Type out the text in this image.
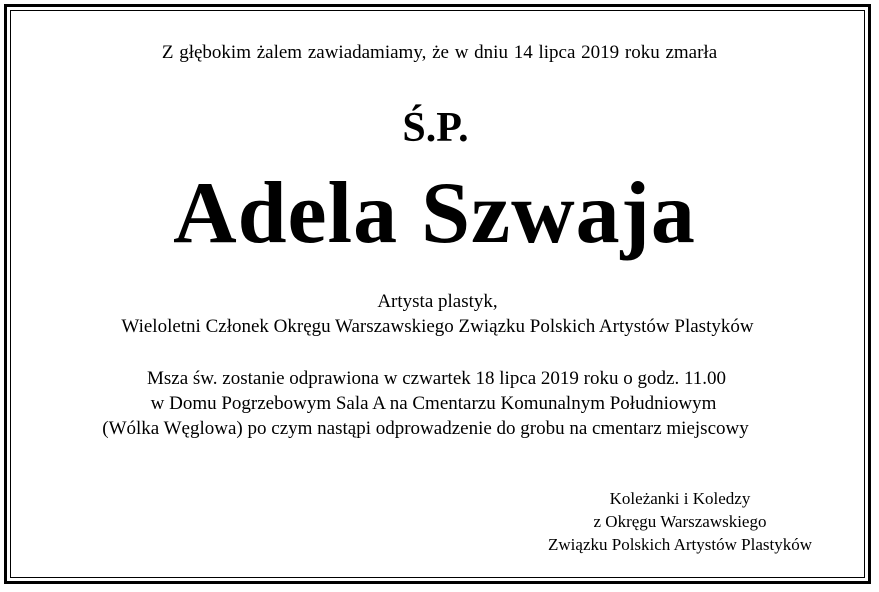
Z głębokim żalem zawiadamiamy, że w dniu 14 lipca 2019 roku zmarła
Ś.P.
Adela Szwaja
Artysta plastyk,
Wieloletni Członek Okręgu Warszawskiego Związku Polskich Artystów Plastyków
Msza św. zostanie odprawiona w czwartek 18 lipca 2019 roku o godz. 11.00
w Domu Pogrzebowym Sala A na Cmentarzu Komunalnym Południowym
(Wólka Węglowa) po czym nastąpi odprowadzenie do grobu na cmentarz miejscowy
Koleżanki i Koledzy
z Okręgu Warszawskiego
Związku Polskich Artystów Plastyków
